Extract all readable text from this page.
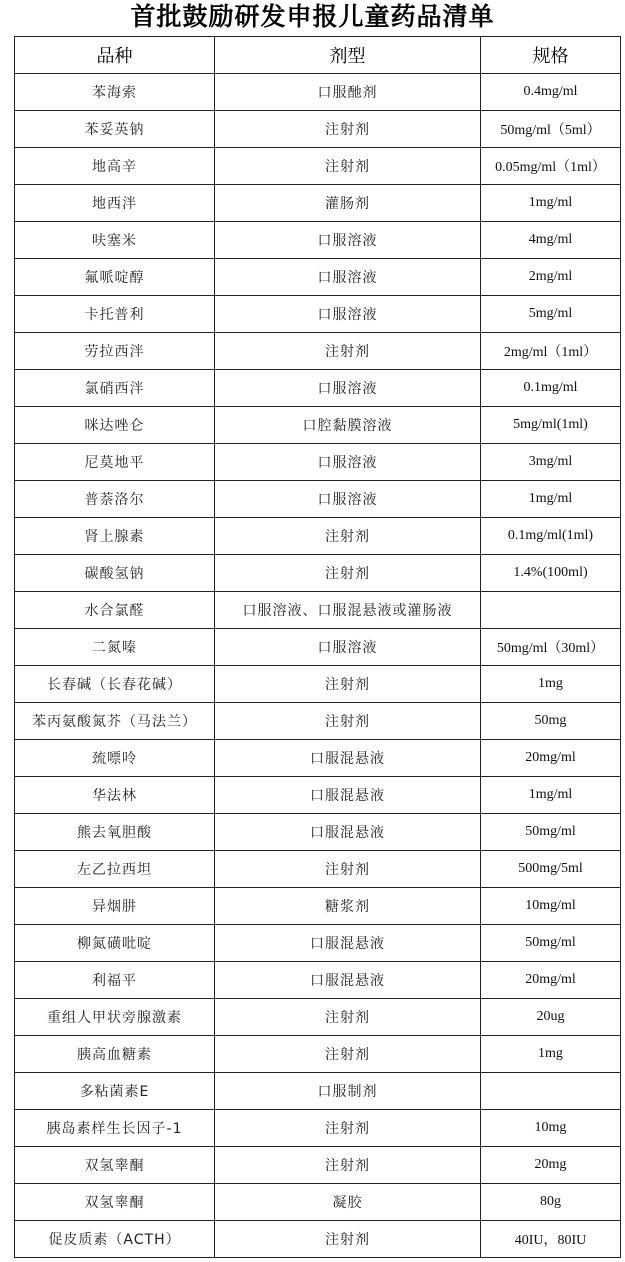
首批鼓励研发申报儿童药品清单
品种	剂型	规格
苯海索	口服酏剂	0.4mg/ml
苯妥英钠	注射剂	50mg/ml（5ml）
地高辛	注射剂	0.05mg/ml（1ml）
地西泮	灌肠剂	1mg/ml
呋塞米	口服溶液	4mg/ml
氟哌啶醇	口服溶液	2mg/ml
卡托普利	口服溶液	5mg/ml
劳拉西泮	注射剂	2mg/ml（1ml）
氯硝西泮	口服溶液	0.1mg/ml
咪达唑仑	口腔黏膜溶液	5mg/ml(1ml)
尼莫地平	口服溶液	3mg/ml
普萘洛尔	口服溶液	1mg/ml
肾上腺素	注射剂	0.1mg/ml(1ml)
碳酸氢钠	注射剂	1.4%(100ml)
水合氯醛	口服溶液、口服混悬液或灌肠液	
二氮嗪	口服溶液	50mg/ml（30ml）
长春碱（长春花碱）	注射剂	1mg
苯丙氨酸氮芥（马法兰）	注射剂	50mg
巯嘌呤	口服混悬液	20mg/ml
华法林	口服混悬液	1mg/ml
熊去氧胆酸	口服混悬液	50mg/ml
左乙拉西坦	注射剂	500mg/5ml
异烟肼	糖浆剂	10mg/ml
柳氮磺吡啶	口服混悬液	50mg/ml
利福平	口服混悬液	20mg/ml
重组人甲状旁腺激素	注射剂	20ug
胰高血糖素	注射剂	1mg
多粘菌素E	口服制剂	
胰岛素样生长因子-1	注射剂	10mg
双氢睾酮	注射剂	20mg
双氢睾酮	凝胶	80g
促皮质素（ACTH）	注射剂	40IU，80IU
